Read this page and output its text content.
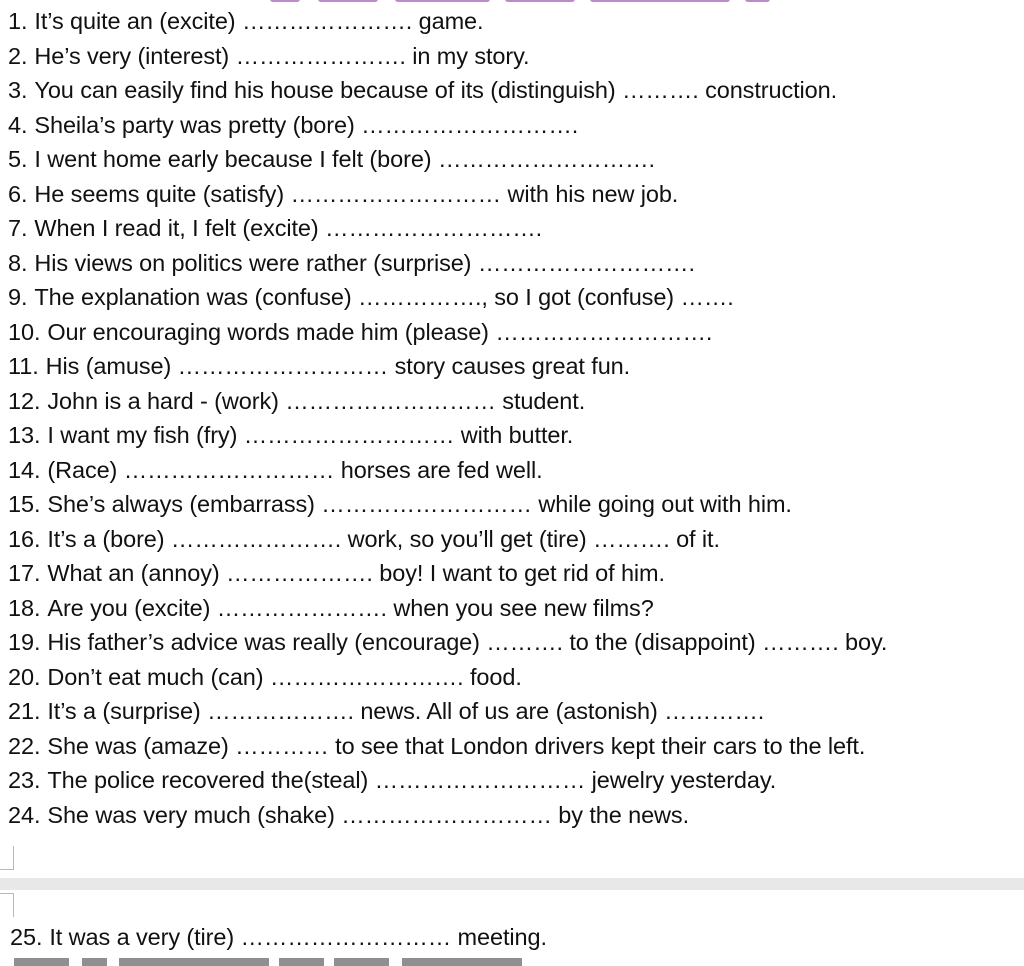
1. It’s quite an (excite) …………………. game.
2. He’s very (interest) …………………. in my story.
3. You can easily find his house because of its (distinguish) ………. construction.
4. Sheila’s party was pretty (bore) ……………………….
5. I went home early because I felt (bore) ……………………….
6. He seems quite (satisfy) ……………………… with his new job.
7. When I read it, I felt (excite) ……………………….
8. His views on politics were rather (surprise) ……………………….
9. The explanation was (confuse) ……………., so I got (confuse) …….
10. Our encouraging words made him (please) ……………………….
11. His (amuse) ……………………… story causes great fun.
12. John is a hard - (work) ……………………… student.
13. I want my fish (fry) ……………………… with butter.
14. (Race) ……………………… horses are fed well.
15. She’s always (embarrass) ……………………… while going out with him.
16. It’s a (bore) …………………. work, so you’ll get (tire) ………. of it.
17. What an (annoy) ………………. boy! I want to get rid of him.
18. Are you (excite) …………………. when you see new films?
19. His father’s advice was really (encourage) ………. to the (disappoint) ………. boy.
20. Don’t eat much (can) ……………………. food.
21. It’s a (surprise) ………………. news. All of us are (astonish) ………….
22. She was (amaze) ………… to see that London drivers kept their cars to the left.
23. The police recovered the(steal) ……………………… jewelry yesterday.
24. She was very much (shake) ……………………… by the news.
25. It was a very (tire) ……………………… meeting.
